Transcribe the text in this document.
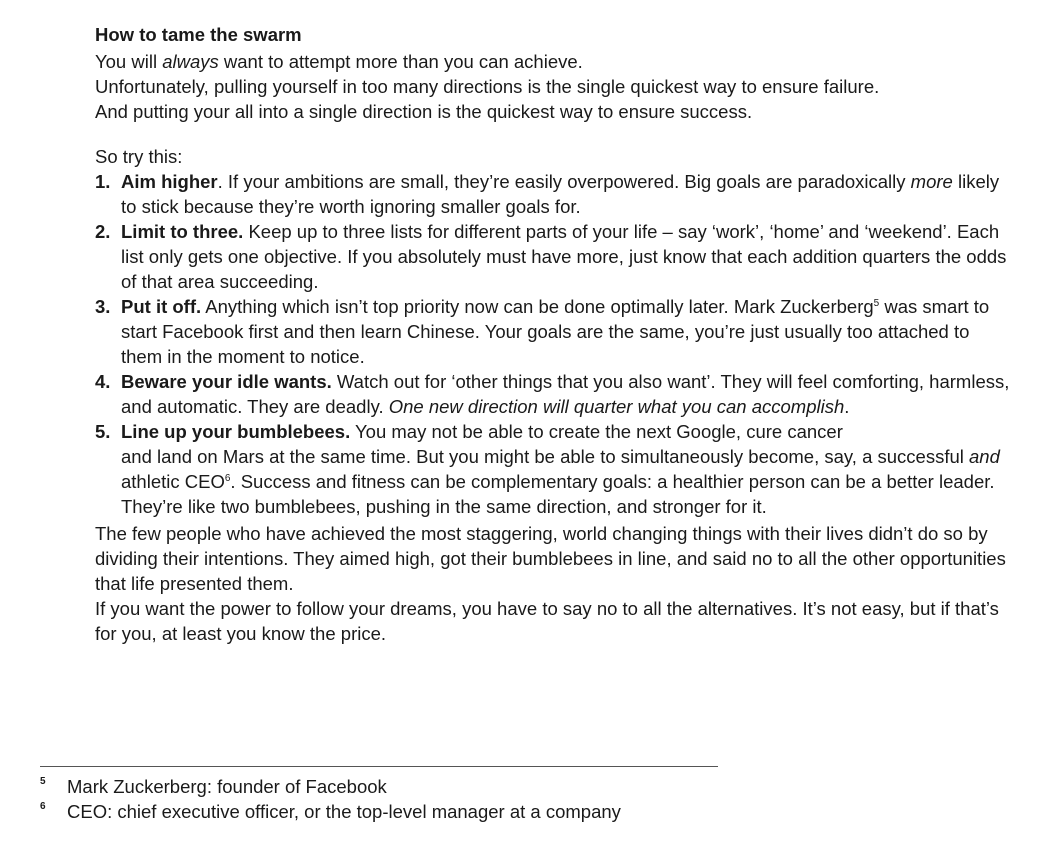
How to tame the swarm

You will always want to attempt more than you can achieve.

Unfortunately, pulling yourself in too many directions is the single quickest way to ensure failure.

And putting your all into a single direction is the quickest way to ensure success.

So try this:

1. Aim higher. If your ambitions are small, they’re easily overpowered. Big goals are paradoxically more likely to stick because they’re worth ignoring smaller goals for.
2. Limit to three. Keep up to three lists for different parts of your life – say ‘work’, ‘home’ and ‘weekend’. Each list only gets one objective. If you absolutely must have more, just know that each addition quarters the odds of that area succeeding.
3. Put it off. Anything which isn’t top priority now can be done optimally later. Mark Zuckerberg$^5$ was smart to start Facebook first and then learn Chinese. Your goals are the same, you’re just usually too attached to them in the moment to notice.
4. Beware your idle wants. Watch out for ‘other things that you also want’. They will feel comforting, harmless, and automatic. They are deadly. One new direction will quarter what you can accomplish.
5. Line up your bumblebees. You may not be able to create the next Google, cure cancer
and land on Mars at the same time. But you might be able to simultaneously become, say, a successful and athletic CEO$^6$. Success and fitness can be complementary goals: a healthier person can be a better leader. They’re like two bumblebees, pushing in the same direction, and stronger for it.

The few people who have achieved the most staggering, world changing things with their lives didn’t do so by dividing their intentions. They aimed high, got their bumblebees in line, and said no to all the other opportunities that life presented them.

If you want the power to follow your dreams, you have to say no to all the alternatives. It’s not easy, but if that’s for you, at least you know the price.

5 Mark Zuckerberg: founder of Facebook
6 CEO: chief executive officer, or the top-level manager at a company
